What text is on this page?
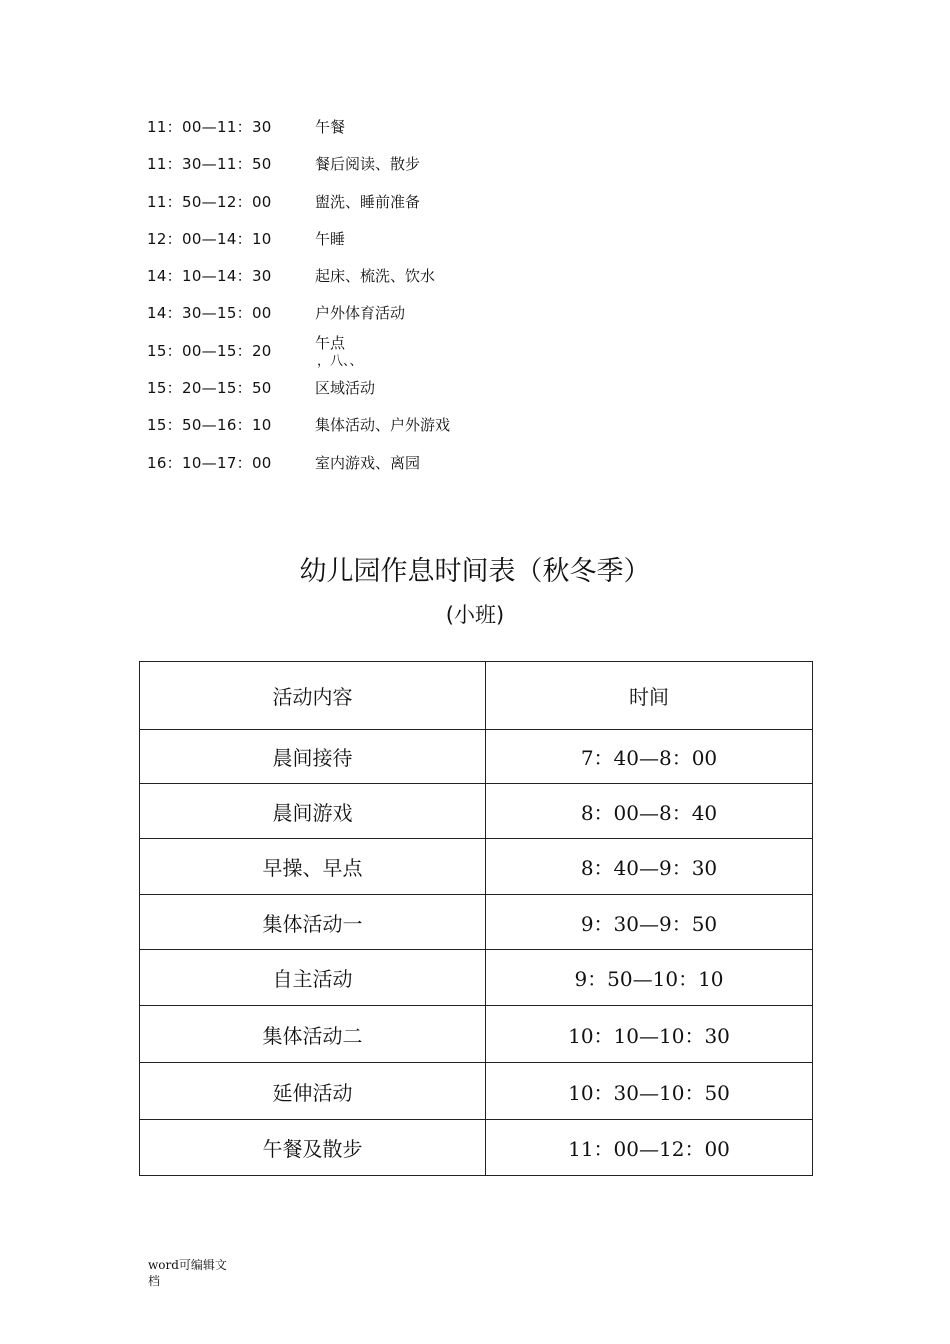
11：00—11：30	午餐
11：30—11：50	餐后阅读、散步
11：50—12：00	盥洗、睡前准备
12：00—14：10	午睡
14：10—14：30	起床、梳洗、饮水
14：30—15：00	户外体育活动
15：00—15：20	午点
，八、、
15：20—15：50	区域活动
15：50—16：10	集体活动、户外游戏
16：10—17：00	室内游戏、离园
幼儿园作息时间表（秋冬季）
(小班)
活动内容	时间
晨间接待	7：40—8：00
晨间游戏	8：00—8：40
早操、早点	8：40—9：30
集体活动一	9：30—9：50
自主活动	9：50—10：10
集体活动二	10：10—10：30
延伸活动	10：30—10：50
午餐及散步	11：00—12：00
word可编辑文
档
